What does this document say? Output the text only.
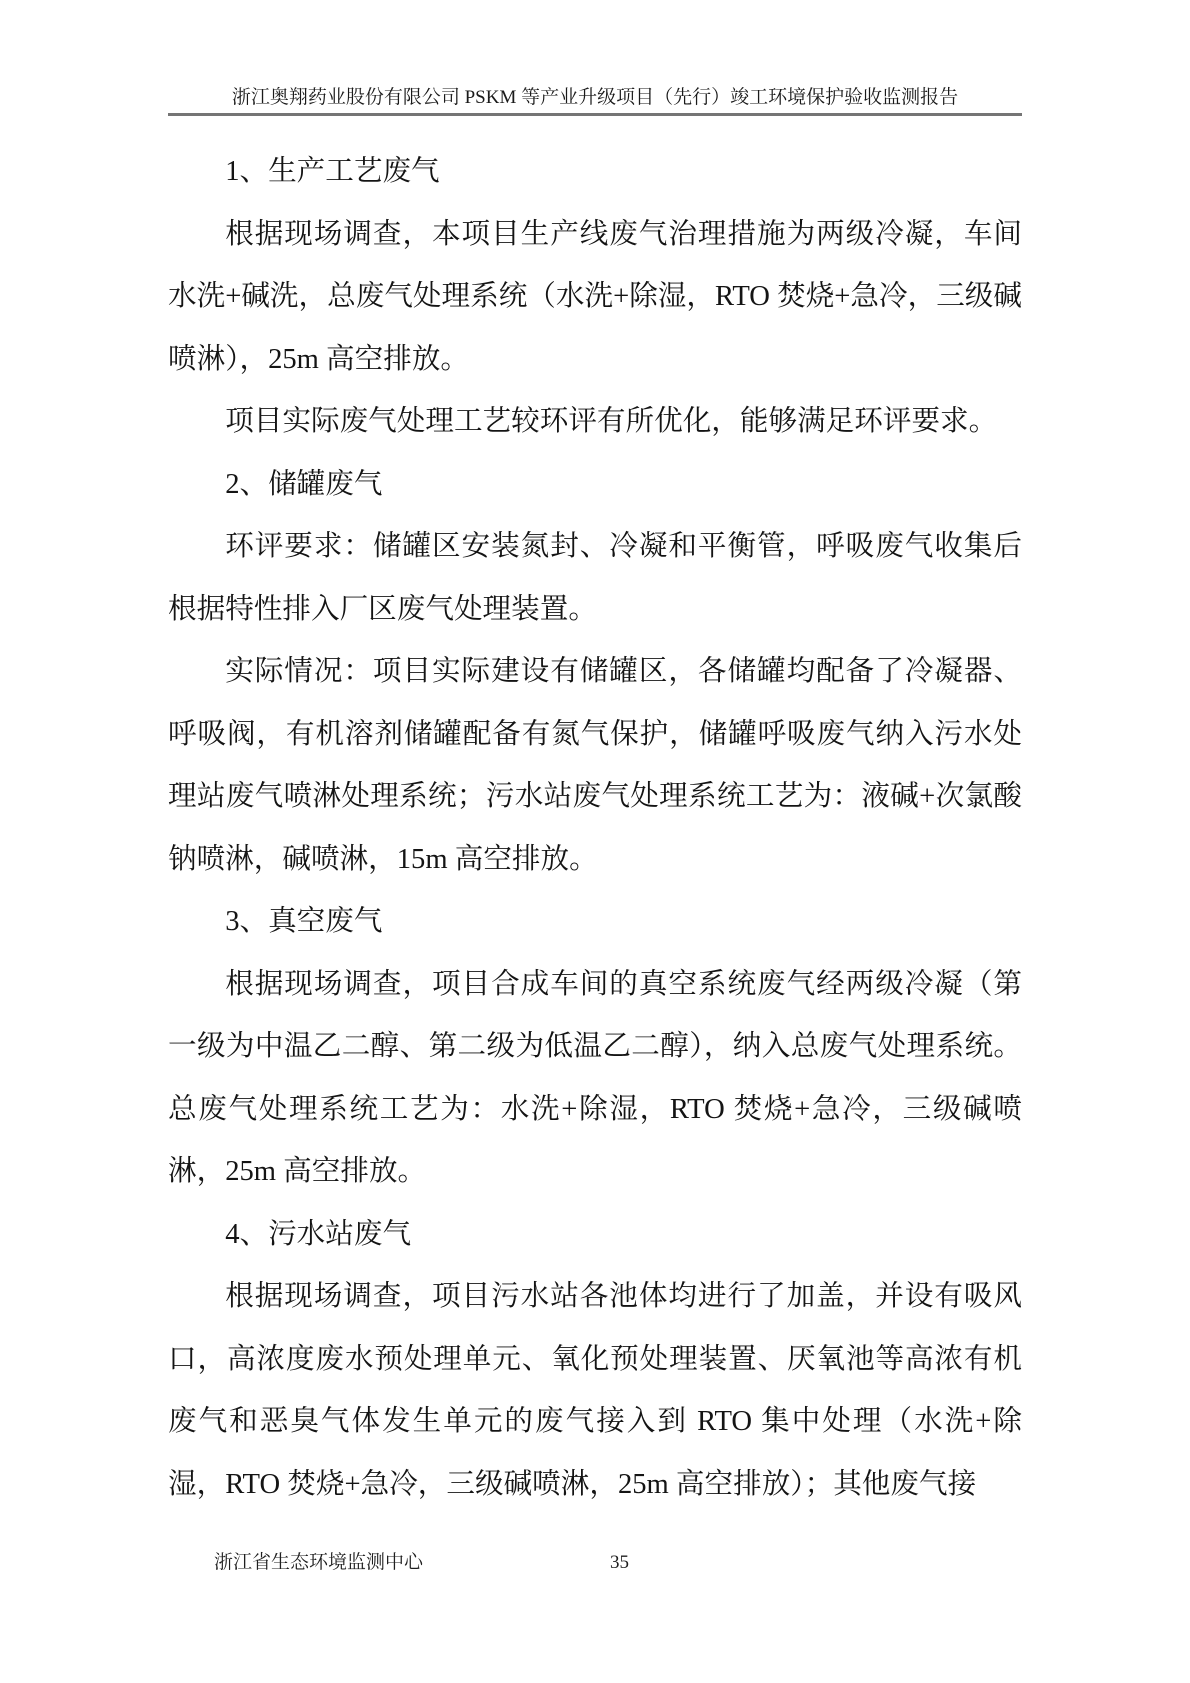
浙江奥翔药业股份有限公司 PSKM 等产业升级项目（先行）竣工环境保护验收监测报告

1、生产工艺废气

根据现场调查，本项目生产线废气治理措施为两级冷凝，车间水洗+碱洗，总废气处理系统（水洗+除湿，RTO 焚烧+急冷，三级碱喷淋），25m 高空排放。

项目实际废气处理工艺较环评有所优化，能够满足环评要求。

2、储罐废气

环评要求：储罐区安装氮封、冷凝和平衡管，呼吸废气收集后根据特性排入厂区废气处理装置。

实际情况：项目实际建设有储罐区，各储罐均配备了冷凝器、呼吸阀，有机溶剂储罐配备有氮气保护，储罐呼吸废气纳入污水处理站废气喷淋处理系统；污水站废气处理系统工艺为：液碱+次氯酸钠喷淋，碱喷淋，15m 高空排放。

3、真空废气

根据现场调查，项目合成车间的真空系统废气经两级冷凝（第一级为中温乙二醇、第二级为低温乙二醇），纳入总废气处理系统。总废气处理系统工艺为：水洗+除湿，RTO 焚烧+急冷，三级碱喷淋，25m 高空排放。

4、污水站废气

根据现场调查，项目污水站各池体均进行了加盖，并设有吸风口，高浓度废水预处理单元、氧化预处理装置、厌氧池等高浓有机废气和恶臭气体发生单元的废气接入到 RTO 集中处理（水洗+除湿，RTO 焚烧+急冷，三级碱喷淋，25m 高空排放）；其他废气接

浙江省生态环境监测中心	35
